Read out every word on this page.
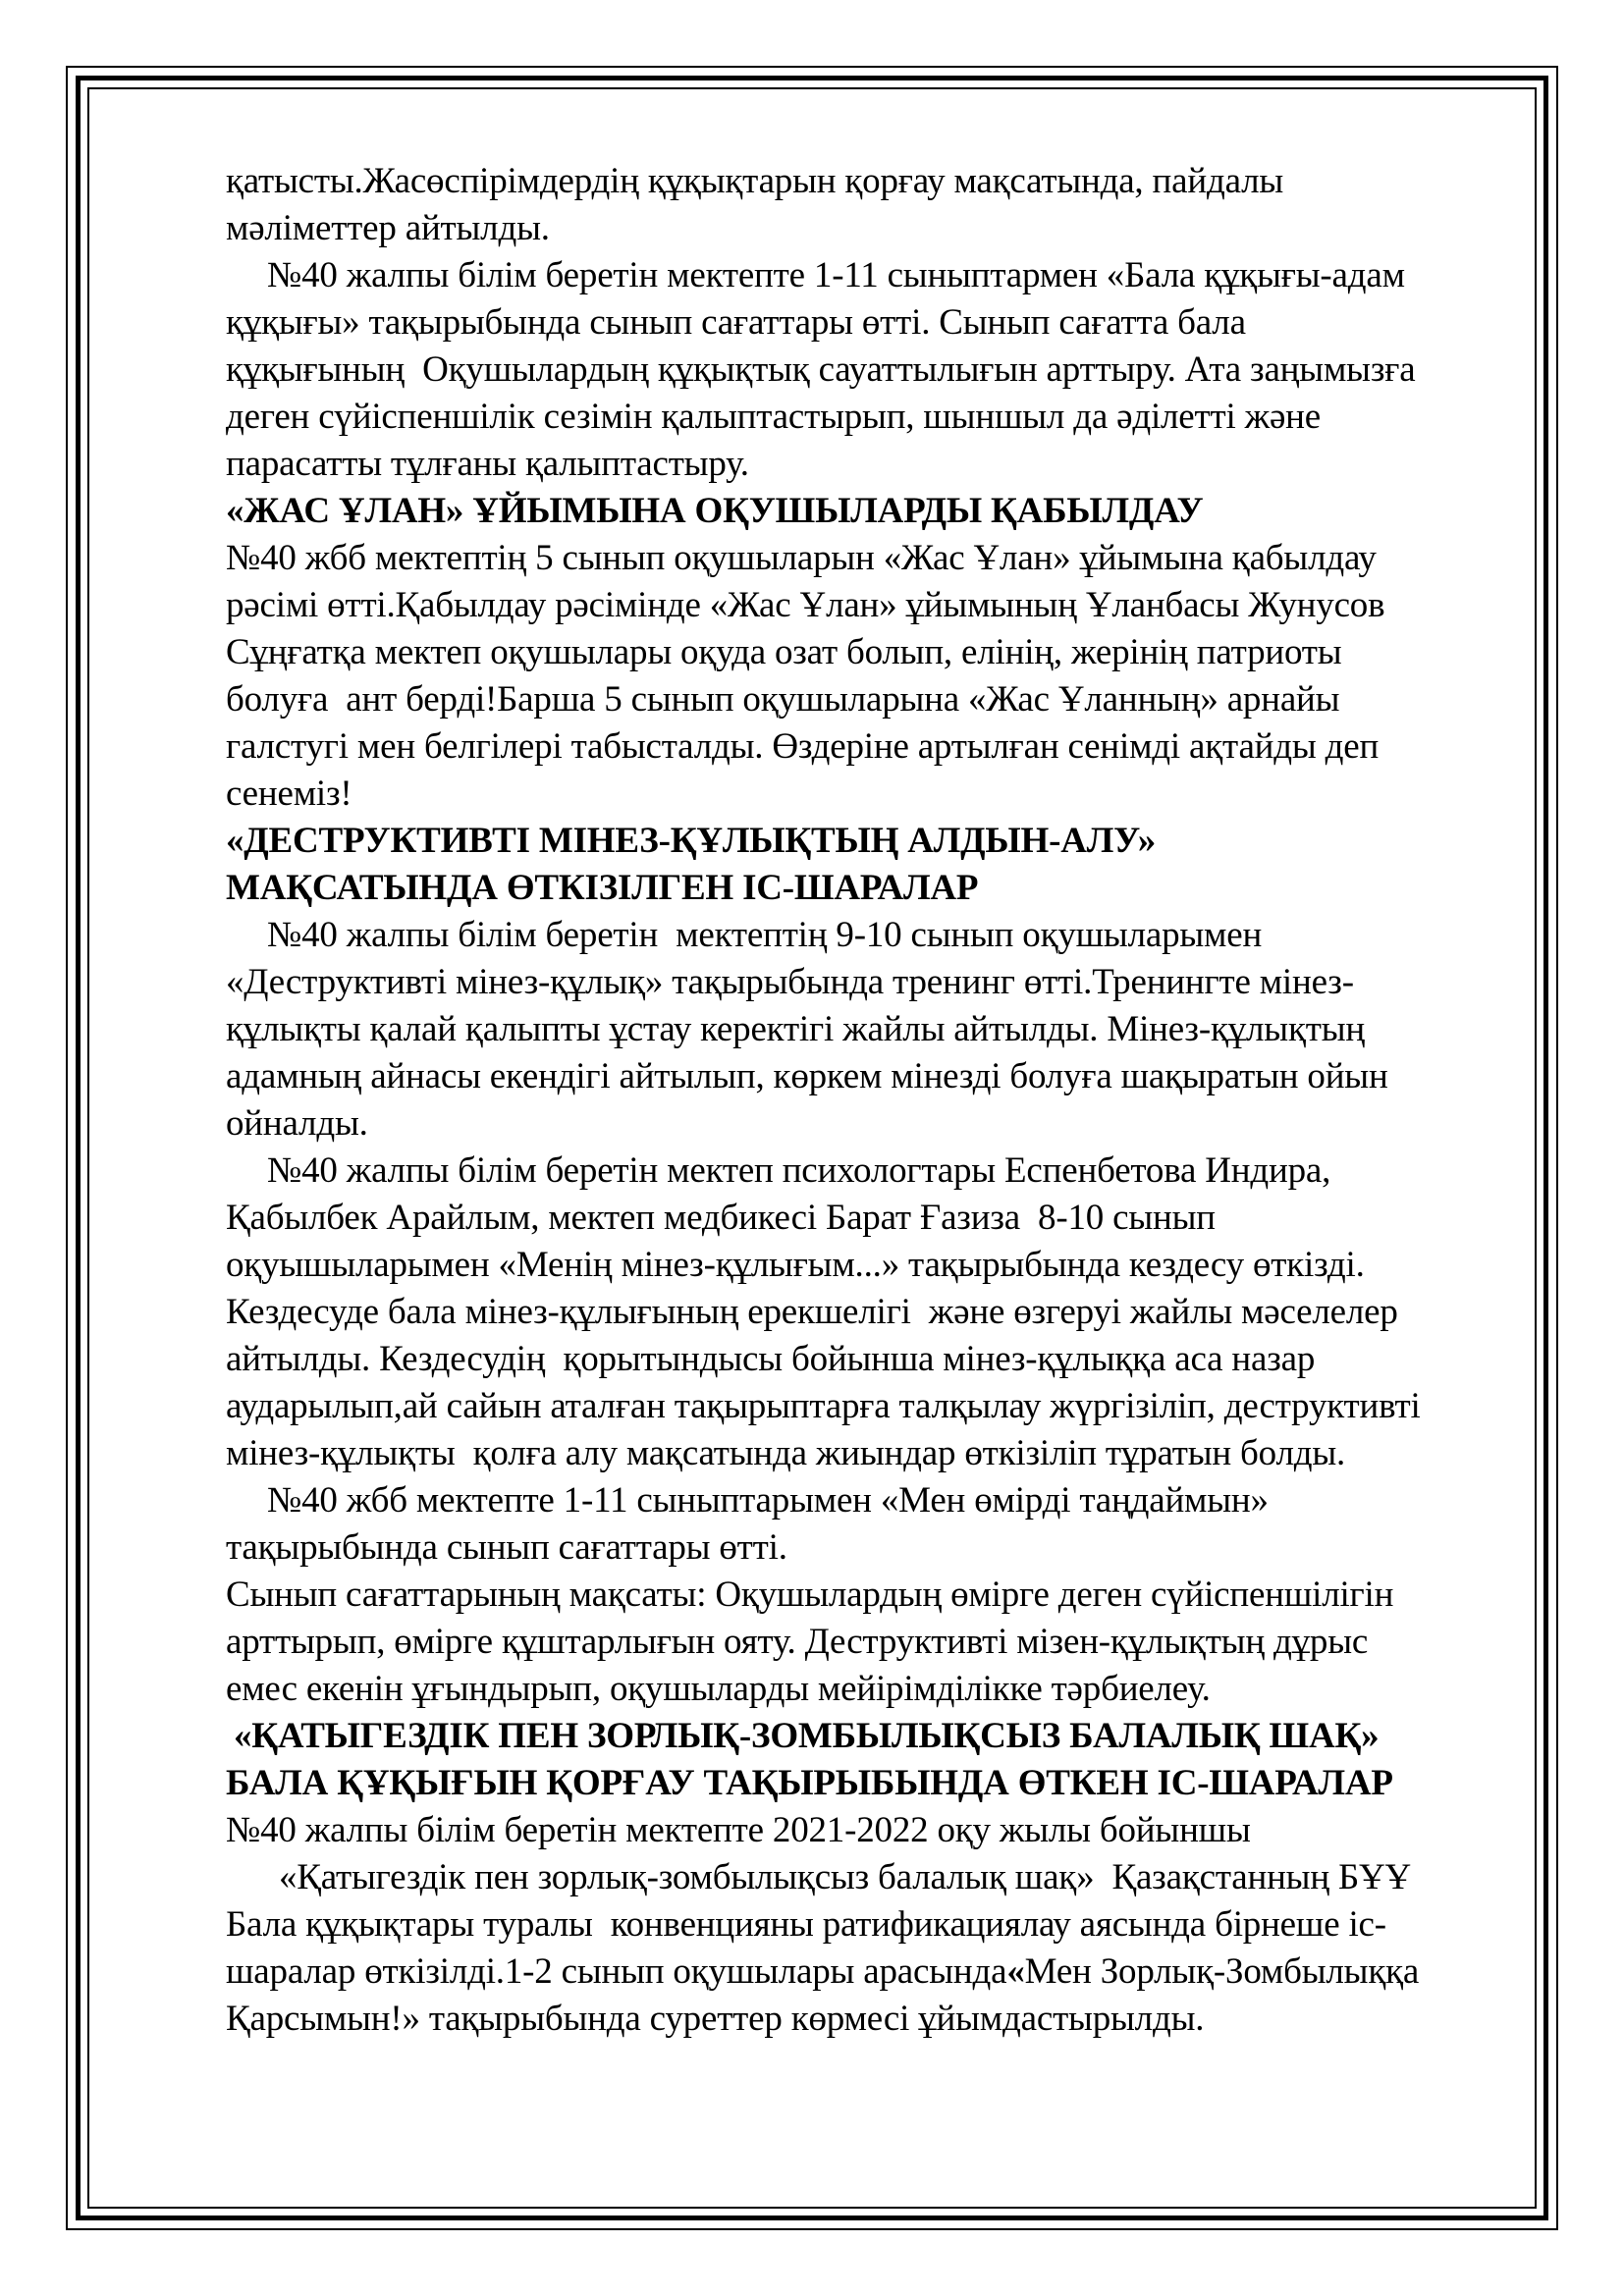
қатысты.Жасөспірімдердің құқықтарын қорғау мақсатында, пайдалы
мәліметтер айтылды.
№40 жалпы білім беретін мектепте 1-11 сыныптармен «Бала құқығы-адам
құқығы» тақырыбында сынып сағаттары өтті. Сынып сағатта бала
құқығының  Оқушылардың құқықтық сауаттылығын арттыру. Ата заңымызға
деген сүйіспеншілік сезімін қалыптастырып, шыншыл да әділетті және
парасатты тұлғаны қалыптастыру.
«ЖАС ҰЛАН» ҰЙЫМЫНА ОҚУШЫЛАРДЫ ҚАБЫЛДАУ
№40 жбб мектептің 5 сынып оқушыларын «Жас Ұлан» ұйымына қабылдау
рәсімі өтті.Қабылдау рәсімінде «Жас Ұлан» ұйымының Ұланбасы Жунусов
Сұңғатқа мектеп оқушылары оқуда озат болып, елінің, жерінің патриоты
болуға  ант берді!Барша 5 сынып оқушыларына «Жас Ұланның» арнайы
галстугі мен белгілері табысталды. Өздеріне артылған сенімді ақтайды деп
сенеміз!
«ДЕСТРУКТИВТІ МІНЕЗ-ҚҰЛЫҚТЫҢ АЛДЫН-АЛУ»
МАҚСАТЫНДА ӨТКІЗІЛГЕН ІС-ШАРАЛАР
№40 жалпы білім беретін  мектептің 9-10 сынып оқушыларымен
«Деструктивті мінез-құлық» тақырыбында тренинг өтті.Тренингте мінез-
құлықты қалай қалыпты ұстау керектігі жайлы айтылды. Мінез-құлықтың
адамның айнасы екендігі айтылып, көркем мінезді болуға шақыратын ойын
ойналды.
№40 жалпы білім беретін мектеп психологтары Еспенбетова Индира,
Қабылбек Арайлым, мектеп медбикесі Барат Ғазиза  8-10 сынып
оқуышыларымен «Менің мінез-құлығым...» тақырыбында кездесу өткізді.
Кездесуде бала мінез-құлығының ерекшелігі  және өзгеруі жайлы мәселелер
айтылды. Кездесудің  қорытындысы бойынша мінез-құлыққа аса назар
аударылып,ай сайын аталған тақырыптарға талқылау жүргізіліп, деструктивті
мінез-құлықты  қолға алу мақсатында жиындар өткізіліп тұратын болды.
№40 жбб мектепте 1-11 сыныптарымен «Мен өмірді таңдаймын»
тақырыбында сынып сағаттары өтті.
Сынып сағаттарының мақсаты: Оқушылардың өмірге деген сүйіспеншілігін
арттырып, өмірге құштарлығын ояту. Деструктивті мізен-құлықтың дұрыс
емес екенін ұғындырып, оқушыларды мейірімділікке тәрбиелеу.
«ҚАТЫГЕЗДІК ПЕН ЗОРЛЫҚ-ЗОМБЫЛЫҚСЫЗ БАЛАЛЫҚ ШАҚ»
БАЛА ҚҰҚЫҒЫН ҚОРҒАУ ТАҚЫРЫБЫНДА ӨТКЕН ІС-ШАРАЛАР
№40 жалпы білім беретін мектепте 2021-2022 оқу жылы бойыншы
«Қатыгездік пен зорлық-зомбылықсыз балалық шақ»  Қазақстанның БҰҰ
Бала құқықтары туралы  конвенцияны ратификациялау аясында бірнеше іс-
шаралар өткізілді.1-2 сынып оқушылары арасында«Мен Зорлық-Зомбылыққа
Қарсымын!» тақырыбында суреттер көрмесі ұйымдастырылды.
